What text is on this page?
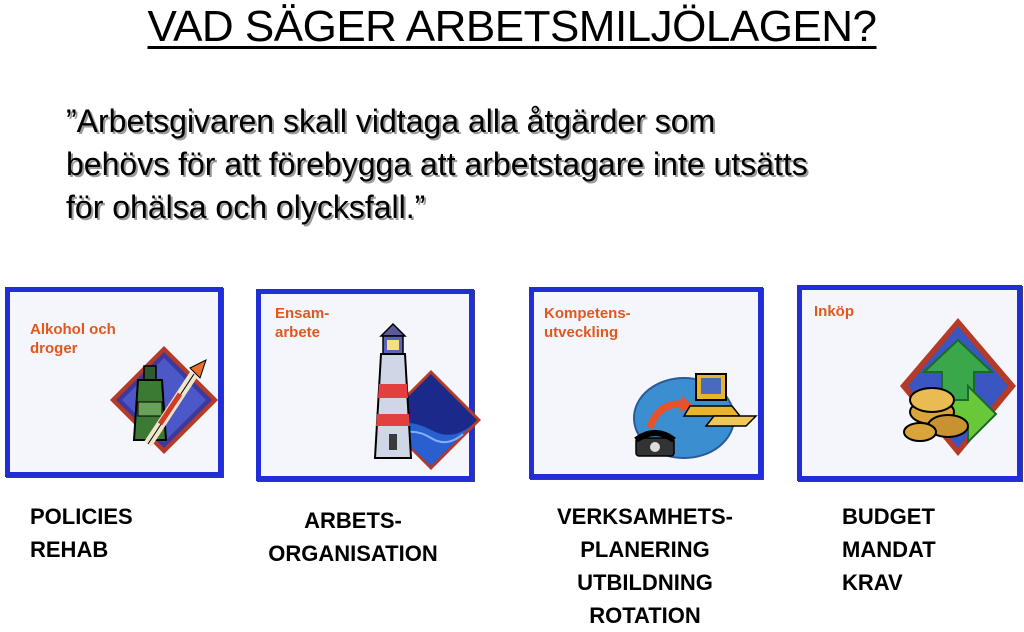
VAD SÄGER ARBETSMILJÖLAGEN?
”Arbetsgivaren skall vidtaga alla åtgärder som
behövs för att förebygga att arbetstagare inte utsätts
för ohälsa och olycksfall.”
Alkohol och
droger
Ensam-
arbete
Kompetens-
utveckling
Inköp
POLICIES
REHAB
ARBETS-
ORGANISATION
VERKSAMHETS-
PLANERING
UTBILDNING
ROTATION
BUDGET
MANDAT
KRAV
